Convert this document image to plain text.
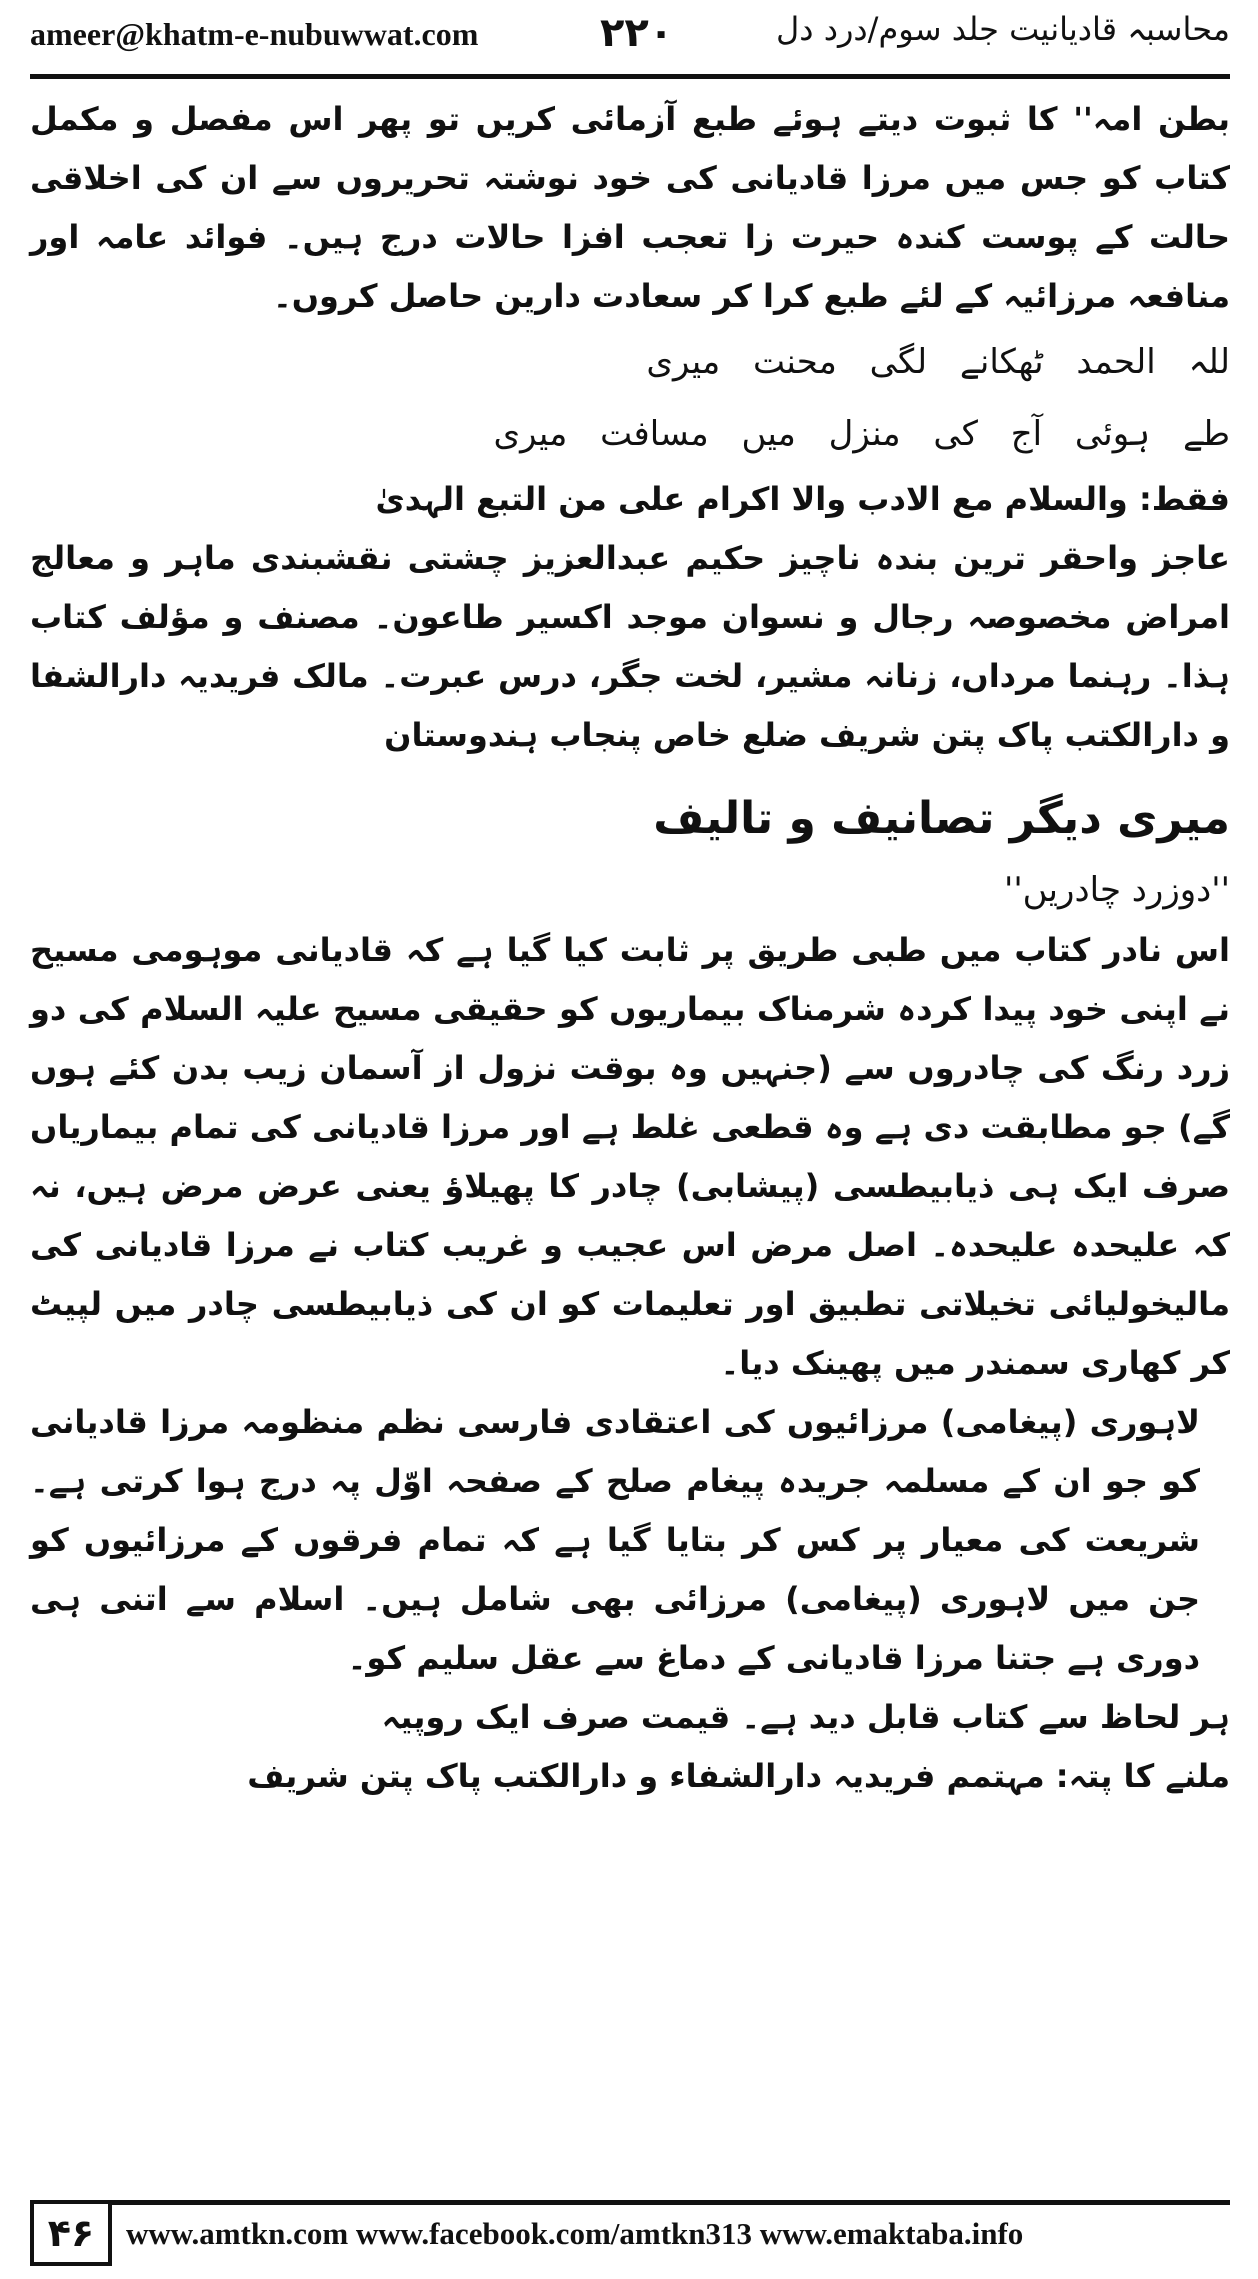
ameer@khatm-e-nubuwwat.com	۲۲۰	محاسبہ قادیانیت جلد سوم/درد دل

بطن امہ'' کا ثبوت دیتے ہوئے طبع آزمائی کریں تو پھر اس مفصل و مکمل کتاب کو جس میں مرزا قادیانی کی خود نوشتہ تحریروں سے ان کی اخلاقی حالت کے پوست کندہ حیرت زا تعجب افزا حالات درج ہیں۔ فوائد عامہ اور منافعہ مرزائیہ کے لئے طبع کرا کر سعادت دارین حاصل کروں۔

للہ الحمد ٹھکانے لگی محنت میری

طے ہوئی آج کی منزل میں مسافت میری

فقط: والسلام مع الادب والا اکرام علی من التبع الہدیٰ

عاجز واحقر ترین بندہ ناچیز حکیم عبدالعزیز چشتی نقشبندی ماہر و معالج امراض مخصوصہ رجال و نسوان موجد اکسیر طاعون۔ مصنف و مؤلف کتاب ہذا۔ رہنما مرداں، زنانہ مشیر، لخت جگر، درس عبرت۔ مالک فریدیہ دارالشفا و دارالکتب پاک پتن شریف ضلع خاص پنجاب ہندوستان

میری دیگر تصانیف و تالیف

''دوزرد چادریں''

اس نادر کتاب میں طبی طریق پر ثابت کیا گیا ہے کہ قادیانی موہومی مسیح نے اپنی خود پیدا کردہ شرمناک بیماریوں کو حقیقی مسیح علیہ السلام کی دو زرد رنگ کی چادروں سے (جنہیں وہ بوقت نزول از آسمان زیب بدن کئے ہوں گے) جو مطابقت دی ہے وہ قطعی غلط ہے اور مرزا قادیانی کی تمام بیماریاں صرف ایک ہی ذیابیطسی (پیشابی) چادر کا پھیلاؤ یعنی عرض مرض ہیں، نہ کہ علیحدہ علیحدہ۔ اصل مرض اس عجیب و غریب کتاب نے مرزا قادیانی کی مالیخولیائی تخیلاتی تطبیق اور تعلیمات کو ان کی ذیابیطسی چادر میں لپیٹ کر کھاری سمندر میں پھینک دیا۔

لاہوری (پیغامی) مرزائیوں کی اعتقادی فارسی نظم منظومہ مرزا قادیانی کو جو ان کے مسلمہ جریدہ پیغام صلح کے صفحہ اوّل پہ درج ہوا کرتی ہے۔ شریعت کی معیار پر کس کر بتایا گیا ہے کہ تمام فرقوں کے مرزائیوں کو جن میں لاہوری (پیغامی) مرزائی بھی شامل ہیں۔ اسلام سے اتنی ہی دوری ہے جتنا مرزا قادیانی کے دماغ سے عقل سلیم کو۔

ہر لحاظ سے کتاب قابل دید ہے۔ قیمت صرف ایک روپیہ

ملنے کا پتہ: مہتمم فریدیہ دارالشفاء و دارالکتب پاک پتن شریف

۴۶	www.amtkn.com www.facebook.com/amtkn313 www.emaktaba.info
